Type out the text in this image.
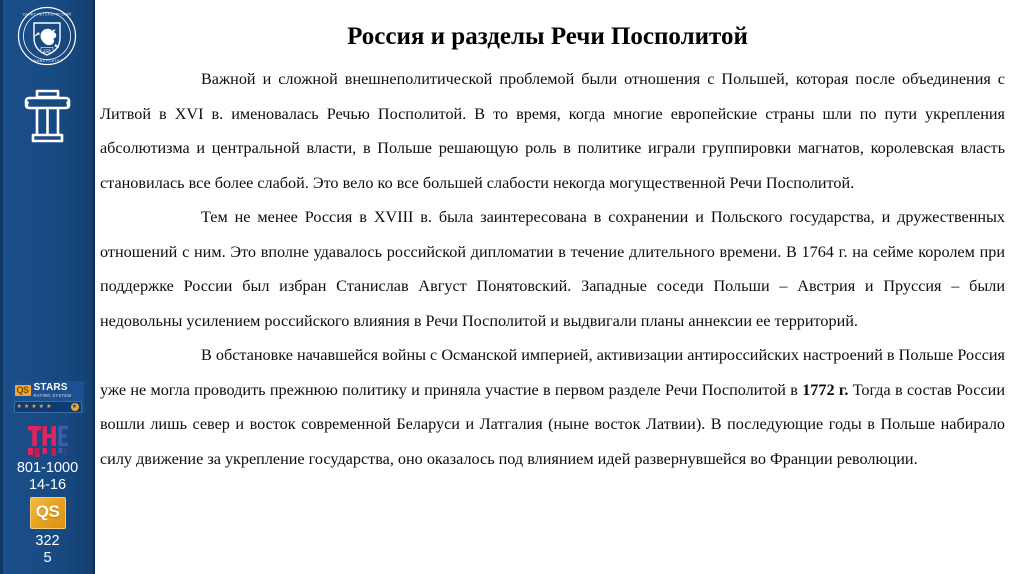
САНКТ-ПЕТЕРБУРГСКИЙ
УНИВЕРСИТЕТ
1724
QS STARS
RATING SYSTEM
★ ★ ★ ★ ★	★
801-1000
14-16
QS
322
5
Россия и разделы Речи Посполитой

Важной и сложной внешнеполитической проблемой были отношения с Польшей, которая после объединения с Литвой в XVI в. именовалась Речью Посполитой. В то время, когда многие европейские страны шли по пути укрепления абсолютизма и центральной власти, в Польше решающую роль в политике играли группировки магнатов, королевская власть становилась все более слабой. Это вело ко все большей слабости некогда могущественной Речи Посполитой.

Тем не менее Россия в XVIII в. была заинтересована в сохранении и Польского государства, и дружественных отношений с ним. Это вполне удавалось российской дипломатии в течение длительного времени. В 1764 г. на сейме королем при поддержке России был избран Станислав Август Понятовский. Западные соседи Польши – Австрия и Пруссия – были недовольны усилением российского влияния в Речи Посполитой и выдвигали планы аннексии ее территорий.

В обстановке начавшейся войны с Османской империей, активизации антироссийских настроений в Польше Россия уже не могла проводить прежнюю политику и приняла участие в первом разделе Речи Посполитой в 1772 г. Тогда в состав России вошли лишь север и восток современной Беларуси и Латгалия (ныне восток Латвии). В последующие годы в Польше набирало силу движение за укрепление государства, оно оказалось под влиянием идей развернувшейся во Франции революции.
